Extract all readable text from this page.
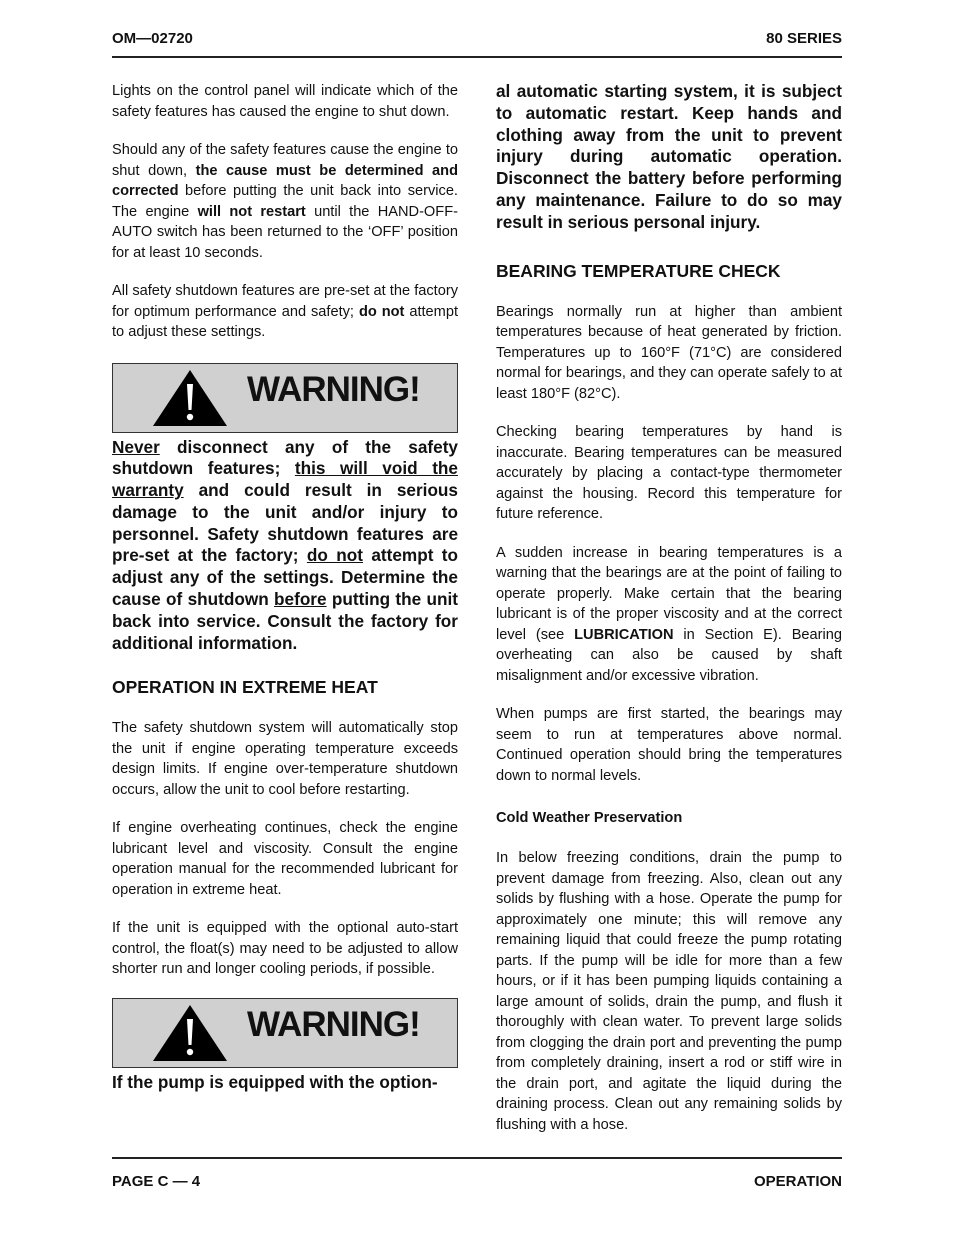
OM—02720	80 SERIES

Lights on the control panel will indicate which of the safety features has caused the engine to shut down.

Should any of the safety features cause the engine to shut down, the cause must be determined and corrected before putting the unit back into service. The engine will not restart until the HAND-OFF-AUTO switch has been returned to the ‘OFF’ position for at least 10 seconds.

All safety shutdown features are pre-set at the factory for optimum performance and safety; do not attempt to adjust these settings.

WARNING!

Never disconnect any of the safety shutdown features; this will void the warranty and could result in serious damage to the unit and/or injury to personnel. Safety shutdown features are pre-set at the factory; do not attempt to adjust any of the settings. Determine the cause of shutdown before putting the unit back into service. Consult the factory for additional information.

OPERATION IN EXTREME HEAT

The safety shutdown system will automatically stop the unit if engine operating temperature exceeds design limits. If engine over-temperature shutdown occurs, allow the unit to cool before restarting.

If engine overheating continues, check the engine lubricant level and viscosity. Consult the engine operation manual for the recommended lubricant for operation in extreme heat.

If the unit is equipped with the optional auto-start control, the float(s) may need to be adjusted to allow shorter run and longer cooling periods, if possible.

WARNING!

If the pump is equipped with the option-

al automatic starting system, it is subject to automatic restart. Keep hands and clothing away from the unit to prevent injury during automatic operation. Disconnect the battery before performing any maintenance. Failure to do so may result in serious personal injury.

BEARING TEMPERATURE CHECK

Bearings normally run at higher than ambient temperatures because of heat generated by friction. Temperatures up to 160°F (71°C) are considered normal for bearings, and they can operate safely to at least 180°F (82°C).

Checking bearing temperatures by hand is inaccurate. Bearing temperatures can be measured accurately by placing a contact-type thermometer against the housing. Record this temperature for future reference.

A sudden increase in bearing temperatures is a warning that the bearings are at the point of failing to operate properly. Make certain that the bearing lubricant is of the proper viscosity and at the correct level (see LUBRICATION in Section E). Bearing overheating can also be caused by shaft misalignment and/or excessive vibration.

When pumps are first started, the bearings may seem to run at temperatures above normal. Continued operation should bring the temperatures down to normal levels.

Cold Weather Preservation

In below freezing conditions, drain the pump to prevent damage from freezing. Also, clean out any solids by flushing with a hose. Operate the pump for approximately one minute; this will remove any remaining liquid that could freeze the pump rotating parts. If the pump will be idle for more than a few hours, or if it has been pumping liquids containing a large amount of solids, drain the pump, and flush it thoroughly with clean water. To prevent large solids from clogging the drain port and preventing the pump from completely draining, insert a rod or stiff wire in the drain port, and agitate the liquid during the draining process. Clean out any remaining solids by flushing with a hose.

PAGE C — 4	OPERATION
